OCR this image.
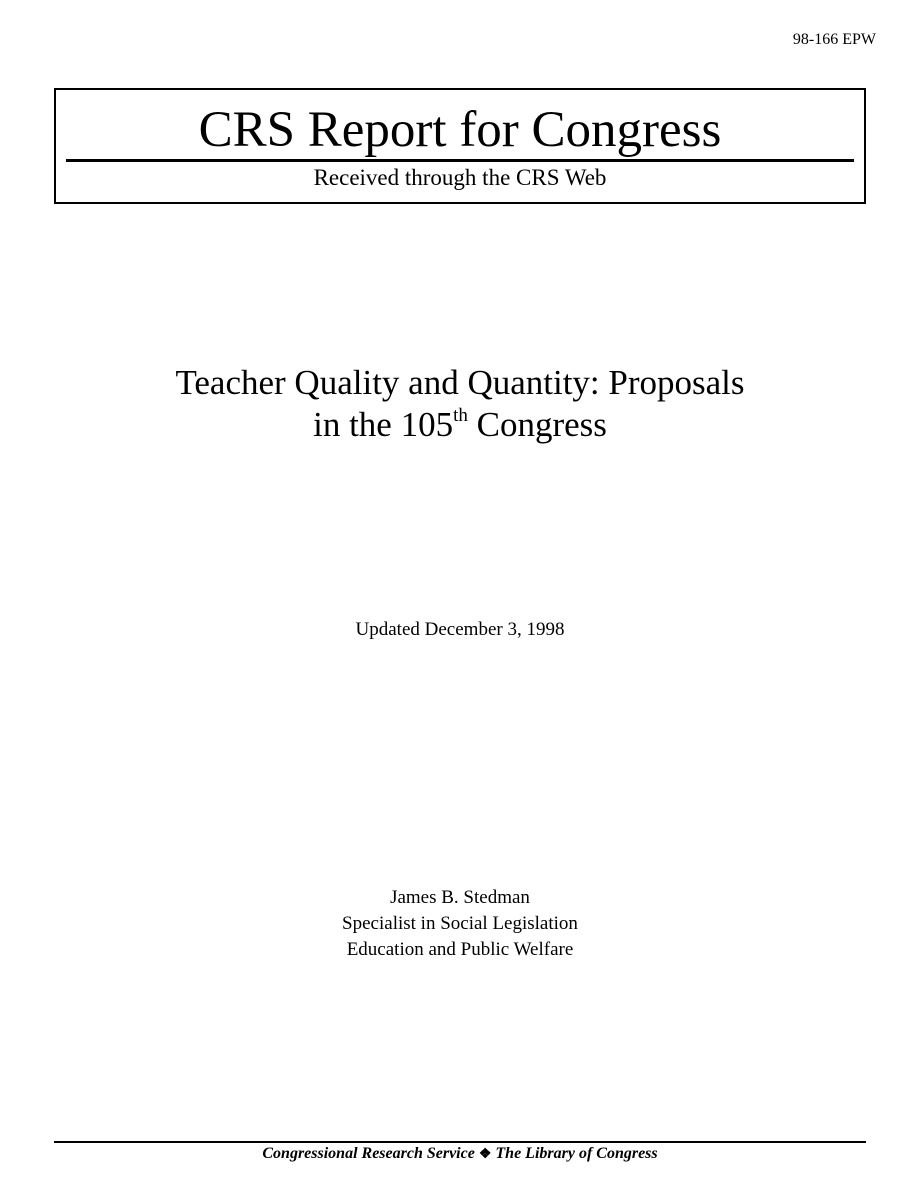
98-166 EPW
CRS Report for Congress
Received through the CRS Web
Teacher Quality and Quantity: Proposals
in the 105th Congress
Updated December 3, 1998
James B. Stedman
Specialist in Social Legislation
Education and Public Welfare
Congressional Research Service ❖ The Library of Congress
